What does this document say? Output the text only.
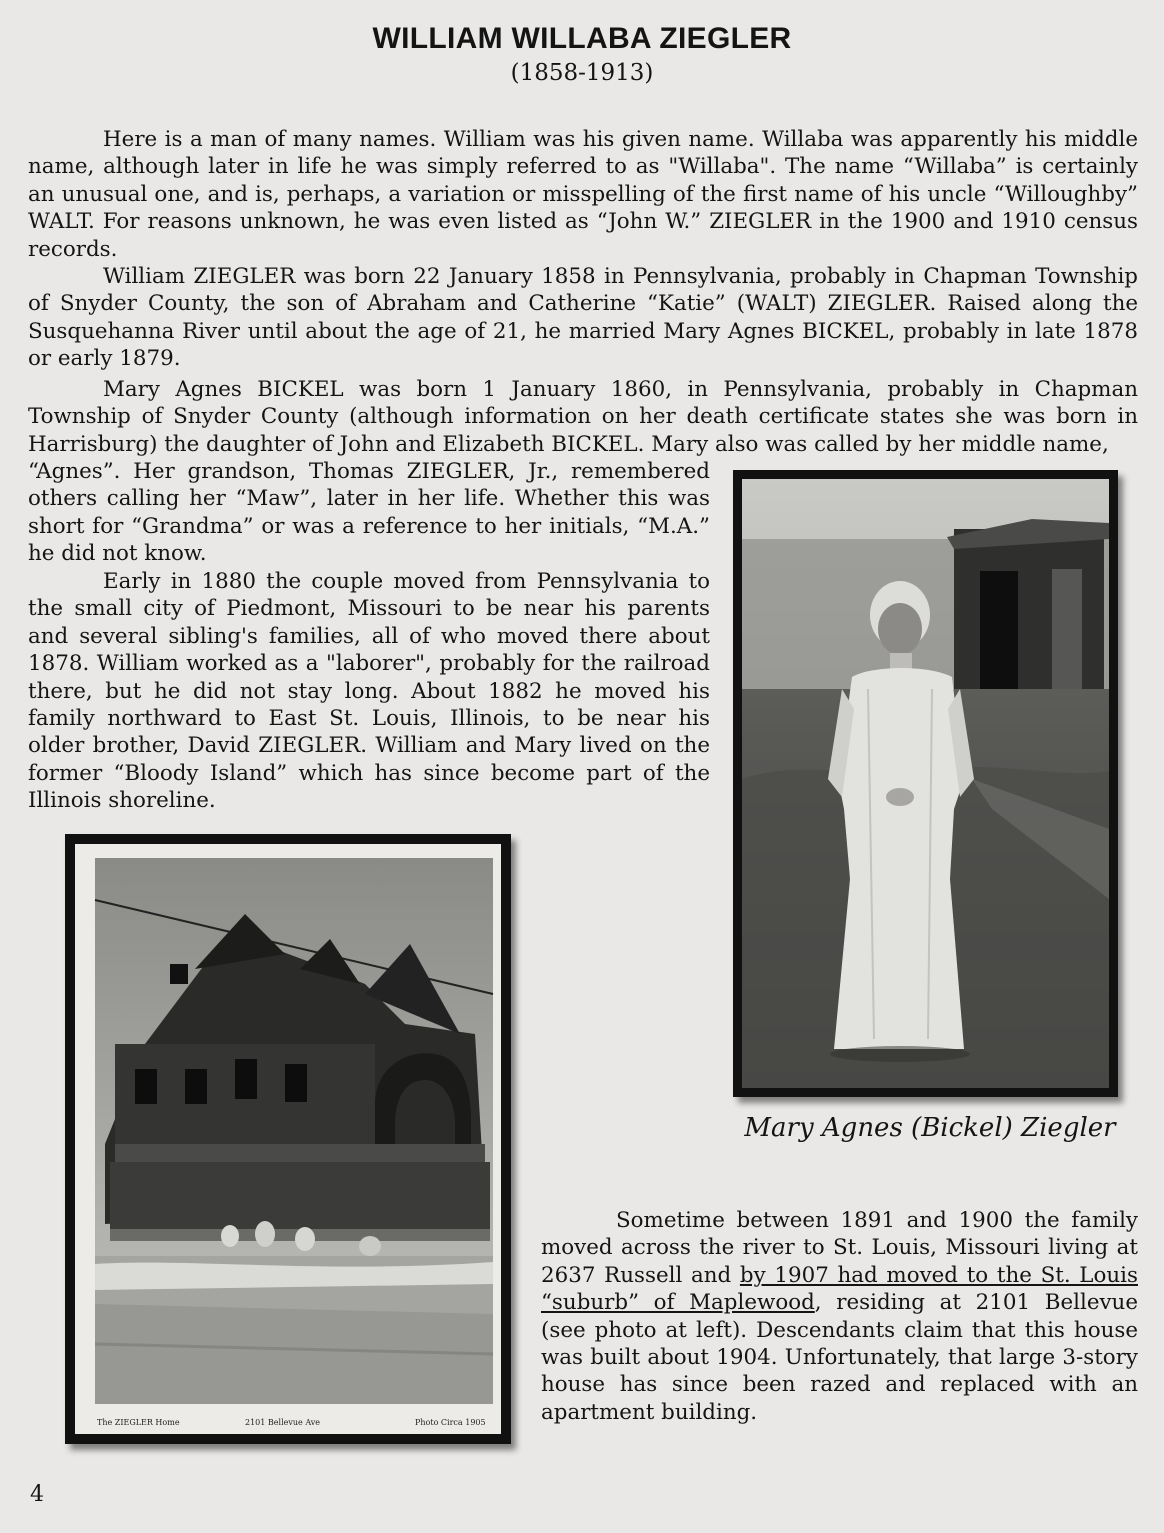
WILLIAM WILLABA ZIEGLER
(1858-1913)

Here is a man of many names. William was his given name. Willaba was apparently his middle name, although later in life he was simply referred to as "Willaba". The name “Willaba” is certainly an unusual one, and is, perhaps, a variation or misspelling of the first name of his uncle “Willoughby” WALT. For reasons unknown, he was even listed as “John W.” ZIEGLER in the 1900 and 1910 census records.

William ZIEGLER was born 22 January 1858 in Pennsylvania, probably in Chapman Township of Snyder County, the son of Abraham and Catherine “Katie” (WALT) ZIEGLER. Raised along the Susquehanna River until about the age of 21, he married Mary Agnes BICKEL, probably in late 1878 or early 1879.

Mary Agnes BICKEL was born 1 January 1860, in Pennsylvania, probably in Chapman Township of Snyder County (although information on her death certificate states she was born in Harrisburg) the daughter of John and Elizabeth BICKEL. Mary also was called by her middle name,

“Agnes”. Her grandson, Thomas ZIEGLER, Jr., remembered others calling her “Maw”, later in her life. Whether this was short for “Grandma” or was a reference to her initials, “M.A.” he did not know.

Early in 1880 the couple moved from Pennsylvania to the small city of Piedmont, Missouri to be near his parents and several sibling's families, all of who moved there about 1878. William worked as a "laborer", probably for the railroad there, but he did not stay long. About 1882 he moved his family northward to East St. Louis, Illinois, to be near his older brother, David ZIEGLER. William and Mary lived on the former “Bloody Island” which has since become part of the Illinois shoreline.

Sometime between 1891 and 1900 the family moved across the river to St. Louis, Missouri living at 2637 Russell and by 1907 had moved to the St. Louis “suburb” of Maplewood, residing at 2101 Bellevue (see photo at left). Descendants claim that this house was built about 1904. Unfortunately, that large 3-story house has since been razed and replaced with an apartment building.

Mary Agnes (Bickel) Ziegler
The ZIEGLER Home	2101 Bellevue Ave	Photo Circa 1905
4
